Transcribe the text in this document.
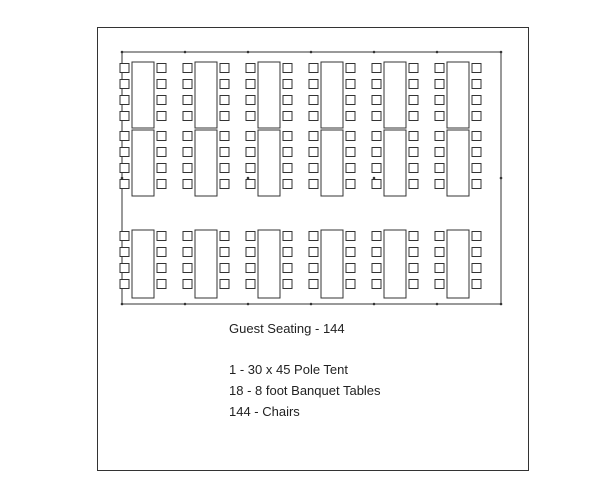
Guest Seating - 144
1 - 30 x 45 Pole Tent
18 - 8 foot Banquet Tables
144 - Chairs
